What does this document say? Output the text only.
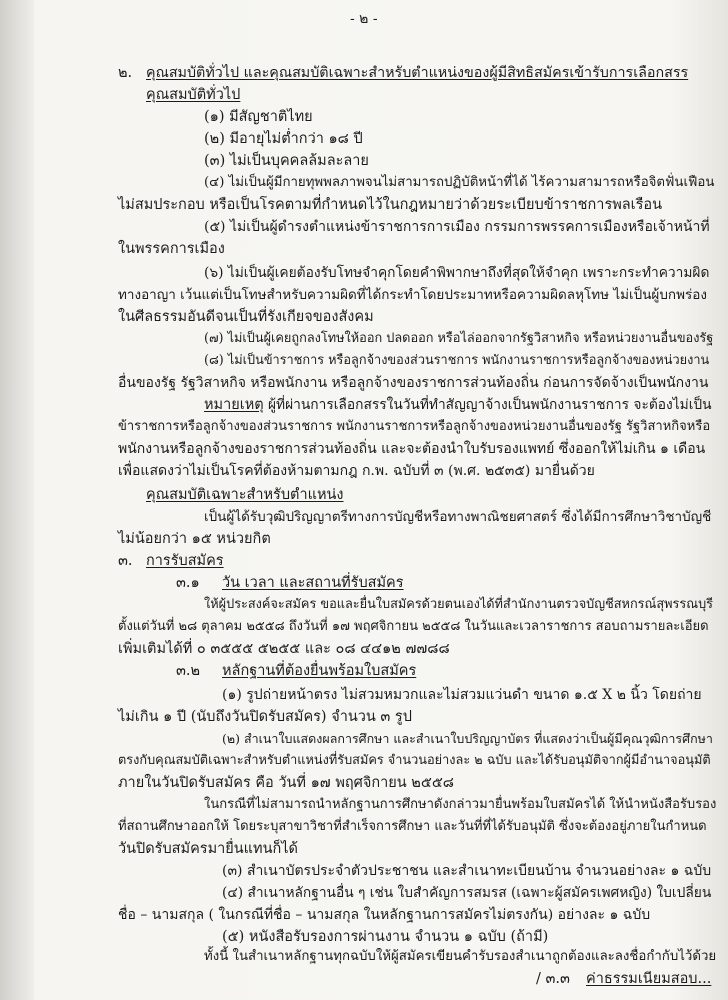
- ๒ -
๒. คุณสมบัติทั่วไป และคุณสมบัติเฉพาะสำหรับตำแหน่งของผู้มีสิทธิสมัครเข้ารับการเลือกสรร
คุณสมบัติทั่วไป
(๑) มีสัญชาติไทย
(๒) มีอายุไม่ต่ำกว่า ๑๘ ปี
(๓) ไม่เป็นบุคคลล้มละลาย
(๔) ไม่เป็นผู้มีกายทุพพลภาพจนไม่สามารถปฏิบัติหน้าที่ได้ ไร้ความสามารถหรือจิตฟั่นเฟือน
ไม่สมประกอบ หรือเป็นโรคตามที่กำหนดไว้ในกฎหมายว่าด้วยระเบียบข้าราชการพลเรือน
(๕) ไม่เป็นผู้ดำรงตำแหน่งข้าราชการการเมือง กรรมการพรรคการเมืองหรือเจ้าหน้าที่
ในพรรคการเมือง
(๖) ไม่เป็นผู้เคยต้องรับโทษจำคุกโดยคำพิพากษาถึงที่สุดให้จำคุก เพราะกระทำความผิด
ทางอาญา เว้นแต่เป็นโทษสำหรับความผิดที่ได้กระทำโดยประมาทหรือความผิดลหุโทษ ไม่เป็นผู้บกพร่อง
ในศีลธรรมอันดีจนเป็นที่รังเกียจของสังคม
(๗) ไม่เป็นผู้เคยถูกลงโทษให้ออก ปลดออก หรือไล่ออกจากรัฐวิสาหกิจ หรือหน่วยงานอื่นของรัฐ
(๘) ไม่เป็นข้าราชการ หรือลูกจ้างของส่วนราชการ พนักงานราชการหรือลูกจ้างของหน่วยงาน
อื่นของรัฐ รัฐวิสาหกิจ หรือพนักงาน หรือลูกจ้างของราชการส่วนท้องถิ่น ก่อนการจัดจ้างเป็นพนักงาน
หมายเหตุ ผู้ที่ผ่านการเลือกสรรในวันที่ทำสัญญาจ้างเป็นพนักงานราชการ จะต้องไม่เป็น
ข้าราชการหรือลูกจ้างของส่วนราชการ พนักงานราชการหรือลูกจ้างของหน่วยงานอื่นของรัฐ รัฐวิสาหกิจหรือ
พนักงานหรือลูกจ้างของราชการส่วนท้องถิ่น และจะต้องนำใบรับรองแพทย์ ซึ่งออกให้ไม่เกิน ๑ เดือน
เพื่อแสดงว่าไม่เป็นโรคที่ต้องห้ามตามกฎ ก.พ. ฉบับที่ ๓ (พ.ศ. ๒๕๓๕) มายื่นด้วย
คุณสมบัติเฉพาะสำหรับตำแหน่ง
เป็นผู้ได้รับวุฒิปริญญาตรีทางการบัญชีหรือทางพาณิชยศาสตร์ ซึ่งได้มีการศึกษาวิชาบัญชี
ไม่น้อยกว่า ๑๕ หน่วยกิต
๓. การรับสมัคร
๓.๑ วัน เวลา และสถานที่รับสมัคร
ให้ผู้ประสงค์จะสมัคร ขอและยื่นใบสมัครด้วยตนเองได้ที่สำนักงานตรวจบัญชีสหกรณ์สุพรรณบุรี
ตั้งแต่วันที่ ๒๘ ตุลาคม ๒๕๕๘ ถึงวันที่ ๑๗ พฤศจิกายน ๒๕๕๘ ในวันและเวลาราชการ สอบถามรายละเอียด
เพิ่มเติมได้ที่ ๐ ๓๕๕๕ ๕๒๕๕ และ ๐๘ ๔๔๑๒ ๗๗๘๘
๓.๒ หลักฐานที่ต้องยื่นพร้อมใบสมัคร
(๑) รูปถ่ายหน้าตรง ไม่สวมหมวกและไม่สวมแว่นดำ ขนาด ๑.๕ X ๒ นิ้ว โดยถ่าย
ไม่เกิน ๑ ปี (นับถึงวันปิดรับสมัคร) จำนวน ๓ รูป
(๒) สำเนาใบแสดงผลการศึกษา และสำเนาใบปริญญาบัตร ที่แสดงว่าเป็นผู้มีคุณวุฒิการศึกษา
ตรงกับคุณสมบัติเฉพาะสำหรับตำแหน่งที่รับสมัคร จำนวนอย่างละ ๒ ฉบับ และได้รับอนุมัติจากผู้มีอำนาจอนุมัติ
ภายในวันปิดรับสมัคร คือ วันที่ ๑๗ พฤศจิกายน ๒๕๕๘
ในกรณีที่ไม่สามารถนำหลักฐานการศึกษาดังกล่าวมายื่นพร้อมใบสมัครได้ ให้นำหนังสือรับรอง
ที่สถานศึกษาออกให้ โดยระบุสาขาวิชาที่สำเร็จการศึกษา และวันที่ที่ได้รับอนุมัติ ซึ่งจะต้องอยู่ภายในกำหนด
วันปิดรับสมัครมายื่นแทนก็ได้
(๓) สำเนาบัตรประจำตัวประชาชน และสำเนาทะเบียนบ้าน จำนวนอย่างละ ๑ ฉบับ
(๔) สำเนาหลักฐานอื่น ๆ เช่น ใบสำคัญการสมรส (เฉพาะผู้สมัครเพศหญิง) ใบเปลี่ยน
ชื่อ – นามสกุล ( ในกรณีที่ชื่อ – นามสกุล ในหลักฐานการสมัครไม่ตรงกัน) อย่างละ ๑ ฉบับ
(๕) หนังสือรับรองการผ่านงาน จำนวน ๑ ฉบับ (ถ้ามี)
ทั้งนี้ ในสำเนาหลักฐานทุกฉบับให้ผู้สมัครเขียนคำรับรองสำเนาถูกต้องและลงชื่อกำกับไว้ด้วย
/ ๓.๓ ค่าธรรมเนียมสอบ...
